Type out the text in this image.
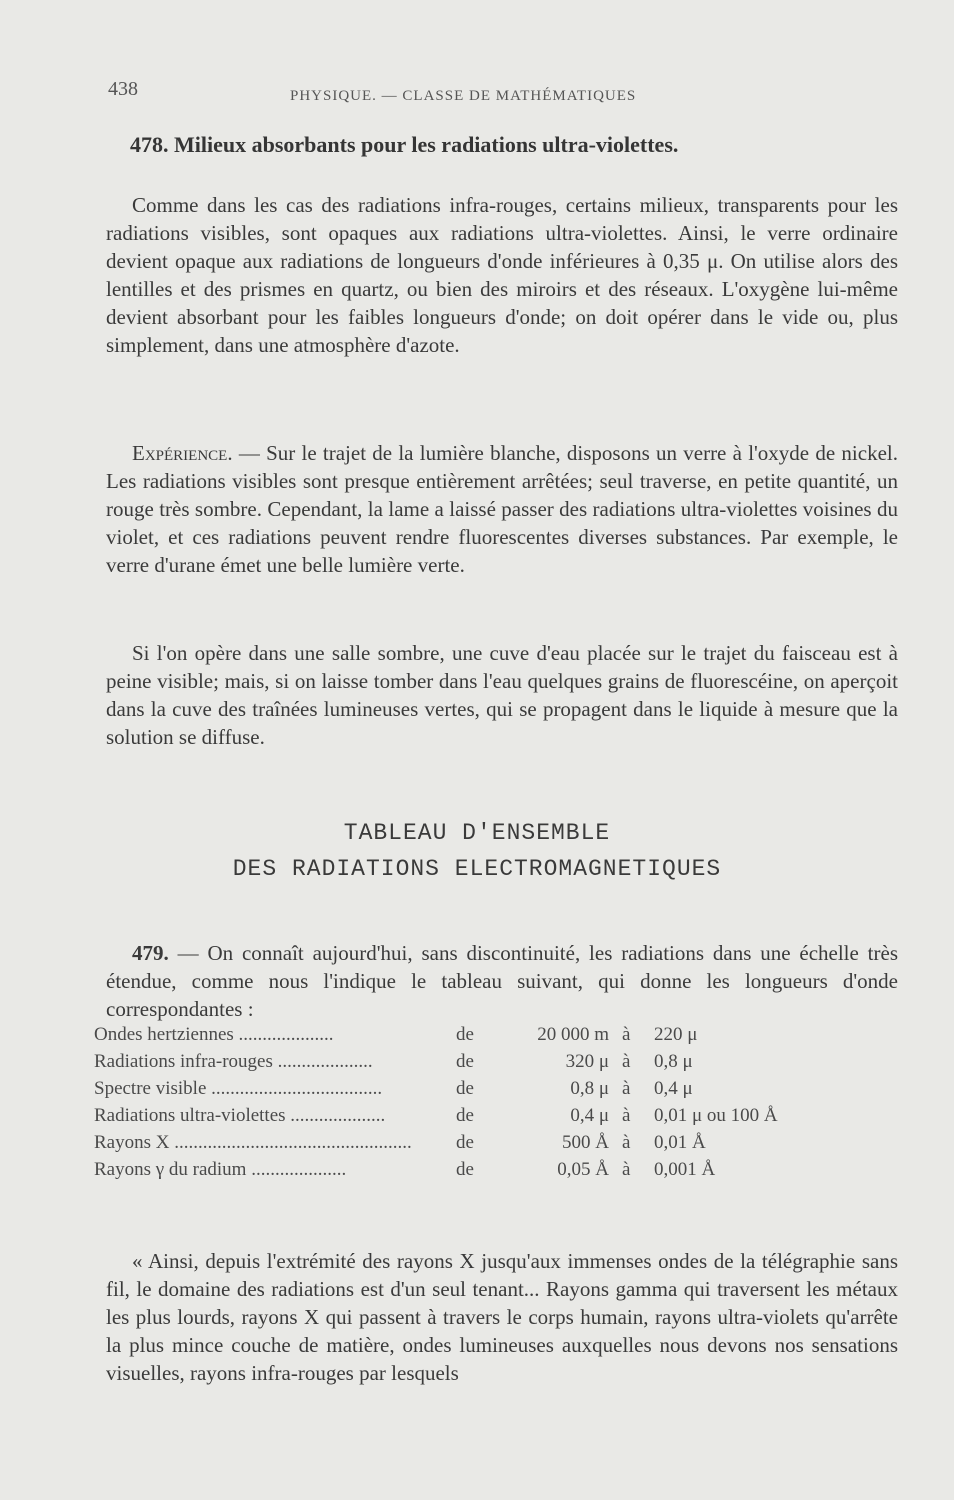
438	PHYSIQUE. — CLASSE DE MATHÉMATIQUES
478. Milieux absorbants pour les radiations ultra-violettes.

Comme dans les cas des radiations infra-rouges, certains milieux, transparents pour les radiations visibles, sont opaques aux radiations ultra-violettes. Ainsi, le verre ordinaire devient opaque aux radiations de longueurs d'onde inférieures à 0,35 μ. On utilise alors des lentilles et des prismes en quartz, ou bien des miroirs et des réseaux. L'oxygène lui-même devient absorbant pour les faibles longueurs d'onde; on doit opérer dans le vide ou, plus simplement, dans une atmosphère d'azote.

Expérience. — Sur le trajet de la lumière blanche, disposons un verre à l'oxyde de nickel. Les radiations visibles sont presque entièrement arrêtées; seul traverse, en petite quantité, un rouge très sombre. Cependant, la lame a laissé passer des radiations ultra-violettes voisines du violet, et ces radiations peuvent rendre fluorescentes diverses substances. Par exemple, le verre d'urane émet une belle lumière verte.

Si l'on opère dans une salle sombre, une cuve d'eau placée sur le trajet du faisceau est à peine visible; mais, si on laisse tomber dans l'eau quelques grains de fluorescéine, on aperçoit dans la cuve des traînées lumineuses vertes, qui se propagent dans le liquide à mesure que la solution se diffuse.

TABLEAU D'ENSEMBLE
DES RADIATIONS ELECTROMAGNETIQUES

479. — On connaît aujourd'hui, sans discontinuité, les radiations dans une échelle très étendue, comme nous l'indique le tableau suivant, qui donne les longueurs d'onde correspondantes :

Ondes hertziennes ....................	de	20 000 m à 220 μ
Radiations infra-rouges ....................	de	320 μ à 0,8 μ
Spectre visible ....................................	de	0,8 μ à 0,4 μ
Radiations ultra-violettes ....................	de	0,4 μ à 0,01 μ ou 100 Å
Rayons X ..................................................	de	500 Å à 0,01 Å
Rayons γ du radium ....................	de	0,05 Å à 0,001 Å

« Ainsi, depuis l'extrémité des rayons X jusqu'aux immenses ondes de la télégraphie sans fil, le domaine des radiations est d'un seul tenant... Rayons gamma qui traversent les métaux les plus lourds, rayons X qui passent à travers le corps humain, rayons ultra-violets qu'arrête la plus mince couche de matière, ondes lumineuses auxquelles nous devons nos sensations visuelles, rayons infra-rouges par lesquels
